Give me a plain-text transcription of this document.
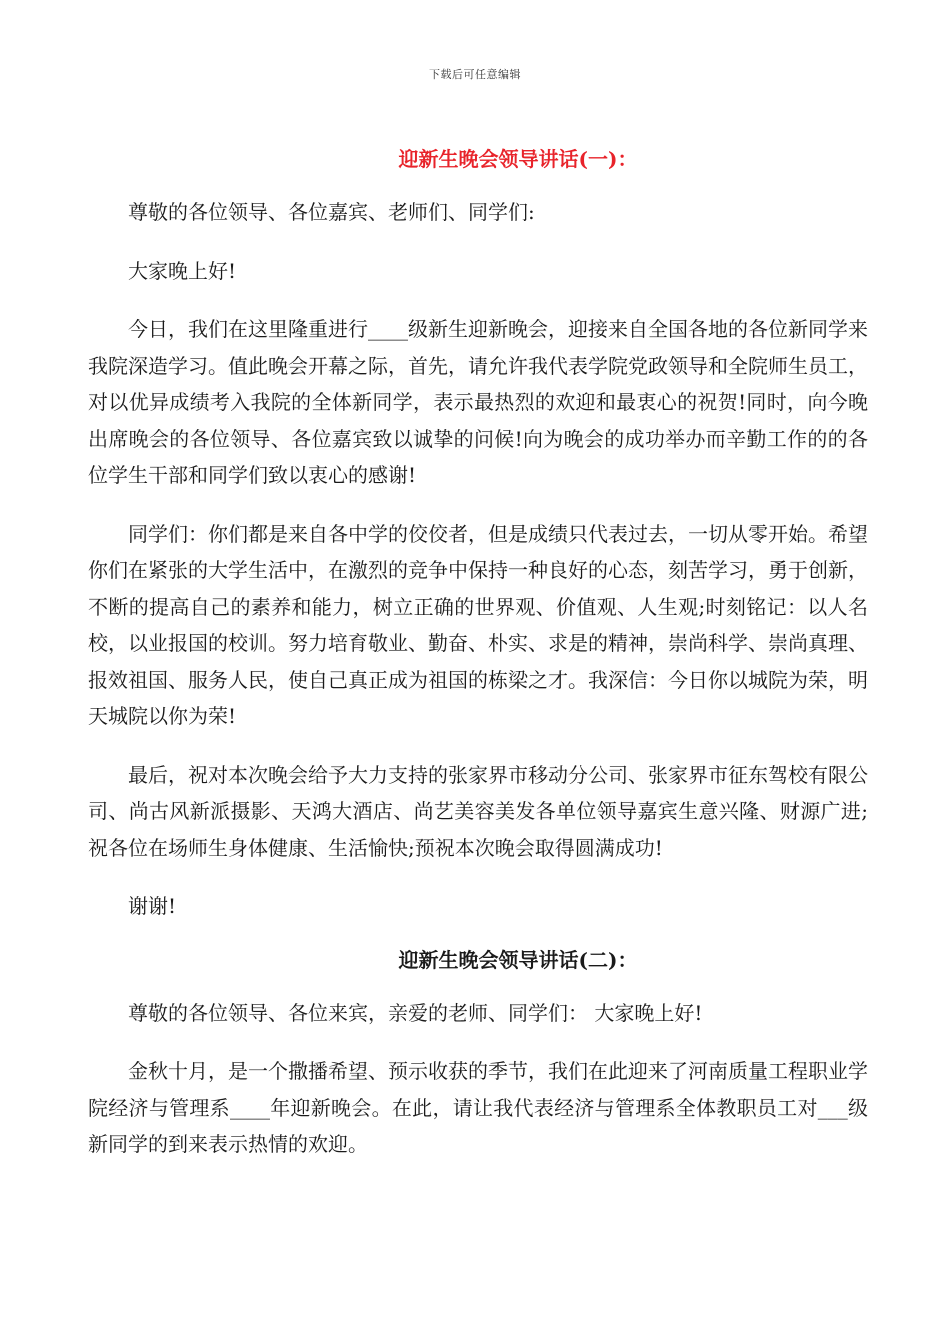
下载后可任意编辑
迎新生晚会领导讲话(一)：

尊敬的各位领导、各位嘉宾、老师们、同学们:

大家晚上好!

今日，我们在这里隆重进行____级新生迎新晚会，迎接来自全国各地的各位新同学来我院深造学习。值此晚会开幕之际，首先，请允许我代表学院党政领导和全院师生员工，对以优异成绩考入我院的全体新同学，表示最热烈的欢迎和最衷心的祝贺!同时，向今晚出席晚会的各位领导、各位嘉宾致以诚挚的问候!向为晚会的成功举办而辛勤工作的的各位学生干部和同学们致以衷心的感谢!

同学们：你们都是来自各中学的佼佼者，但是成绩只代表过去，一切从零开始。希望你们在紧张的大学生活中，在激烈的竞争中保持一种良好的心态，刻苦学习，勇于创新，不断的提高自己的素养和能力，树立正确的世界观、价值观、人生观;时刻铭记：以人名校，以业报国的校训。努力培育敬业、勤奋、朴实、求是的精神，崇尚科学、崇尚真理、报效祖国、服务人民，使自己真正成为祖国的栋梁之才。我深信：今日你以城院为荣，明天城院以你为荣!

最后，祝对本次晚会给予大力支持的张家界市移动分公司、张家界市征东驾校有限公司、尚古风新派摄影、天鸿大酒店、尚艺美容美发各单位领导嘉宾生意兴隆、财源广进;祝各位在场师生身体健康、生活愉快;预祝本次晚会取得圆满成功!

谢谢!

迎新生晚会领导讲话(二)：

尊敬的各位领导、各位来宾，亲爱的老师、同学们： 大家晚上好!

金秋十月，是一个撒播希望、预示收获的季节，我们在此迎来了河南质量工程职业学院经济与管理系____年迎新晚会。在此，请让我代表经济与管理系全体教职员工对___级新同学的到来表示热情的欢迎。
